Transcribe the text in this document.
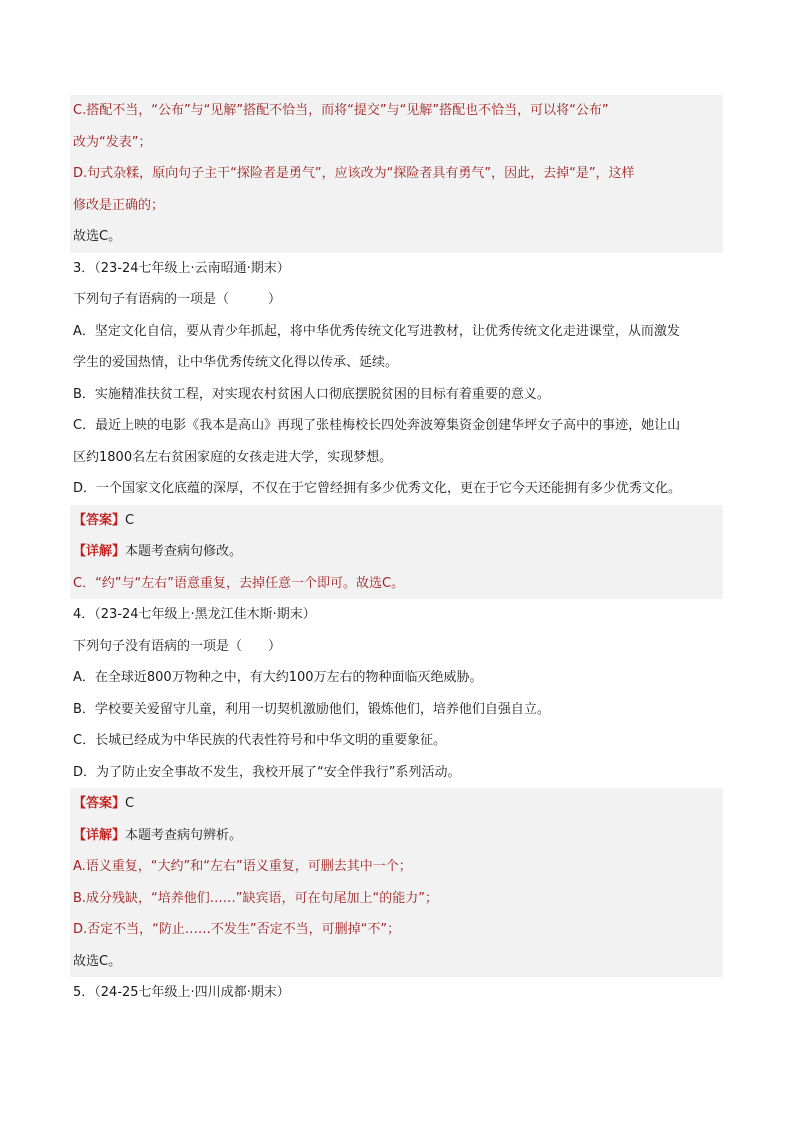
C.搭配不当，“公布”与“见解”搭配不恰当，而将“提交”与“见解”搭配也不恰当，可以将“公布”
改为“发表”；
D.句式杂糅，原向句子主干“探险者是勇气”，应该改为“探险者具有勇气”，因此，去掉“是”，这样
修改是正确的；
故选C。
3．（23-24七年级上·云南昭通·期末）
下列句子有语病的一项是（　　　）
A．坚定文化自信，要从青少年抓起，将中华优秀传统文化写进教材，让优秀传统文化走进课堂，从而激发
学生的爱国热情，让中华优秀传统文化得以传承、延续。
B．实施精准扶贫工程，对实现农村贫困人口彻底摆脱贫困的目标有着重要的意义。
C．最近上映的电影《我本是高山》再现了张桂梅校长四处奔波筹集资金创建华坪女子高中的事迹，她让山
区约1800名左右贫困家庭的女孩走进大学，实现梦想。
D．一个国家文化底蕴的深厚，不仅在于它曾经拥有多少优秀文化，更在于它今天还能拥有多少优秀文化。
【答案】C
【详解】本题考查病句修改。
C．“约”与“左右”语意重复，去掉任意一个即可。故选C。
4．（23-24七年级上·黑龙江佳木斯·期末）
下列句子没有语病的一项是（　　）
A．在全球近800万物种之中，有大约100万左右的物种面临灭绝威胁。
B．学校要关爱留守儿童，利用一切契机激励他们，锻炼他们，培养他们自强自立。
C．长城已经成为中华民族的代表性符号和中华文明的重要象征。
D．为了防止安全事故不发生，我校开展了“安全伴我行”系列活动。
【答案】C
【详解】本题考查病句辨析。
A.语义重复，“大约”和“左右”语义重复，可删去其中一个；
B.成分残缺，“培养他们……”缺宾语，可在句尾加上“的能力”；
D.否定不当，“防止……不发生”否定不当，可删掉“不”；
故选C。
5．（24-25七年级上·四川成都·期末）
